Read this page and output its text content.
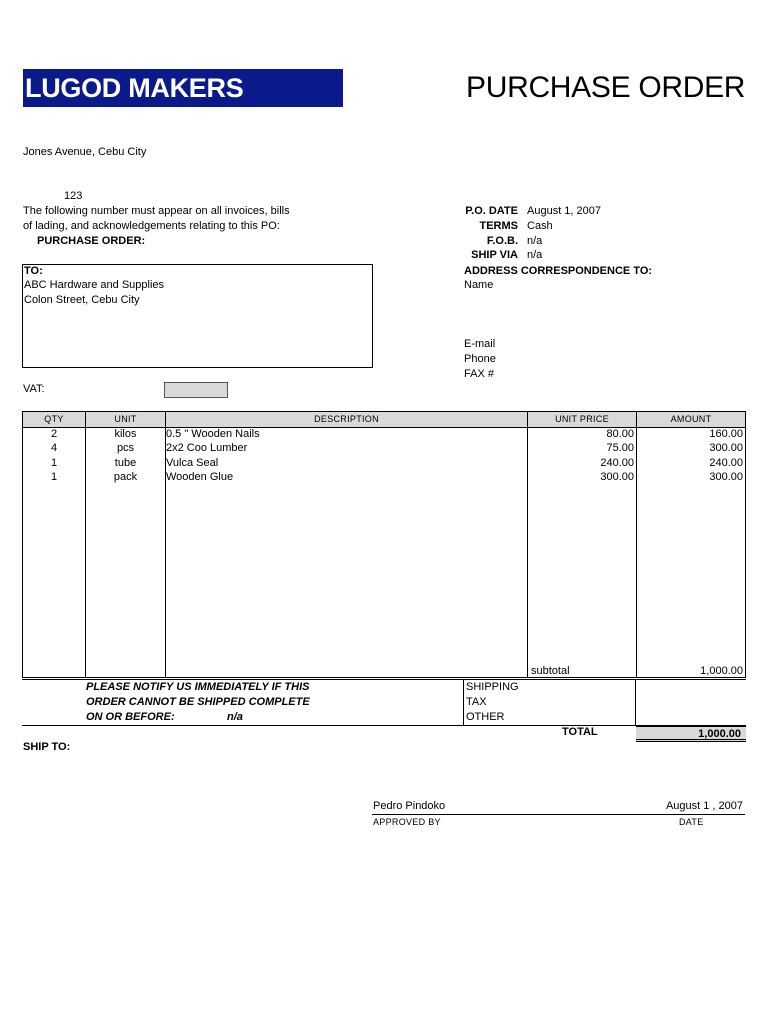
LUGOD MAKERS	PURCHASE ORDER
Jones Avenue, Cebu City
123
The following number must appear on all invoices, bills
of lading, and acknowledgements relating to this PO:
PURCHASE ORDER:
P.O. DATE August 1, 2007
TERMS Cash
F.O.B. n/a
SHIP VIA n/a
TO:
ABC Hardware and Supplies
Colon Street, Cebu City
ADDRESS CORRESPONDENCE TO:
Name
E-mail
Phone
FAX #
VAT:
QTY	UNIT	DESCRIPTION	UNIT PRICE	AMOUNT
2	kilos	0.5 " Wooden Nails	80.00	160.00
4	pcs	2x2 Coo Lumber	75.00	300.00
1	tube	Vulca Seal	240.00	240.00
1	pack	Wooden Glue	300.00	300.00
subtotal	1,000.00
PLEASE NOTIFY US IMMEDIATELY IF THIS
ORDER CANNOT BE SHIPPED COMPLETE
ON OR BEFORE:	n/a
SHIPPING
TAX
OTHER
TOTAL	1,000.00
SHIP TO:
Pedro Pindoko	August 1 , 2007
APPROVED BY	DATE
